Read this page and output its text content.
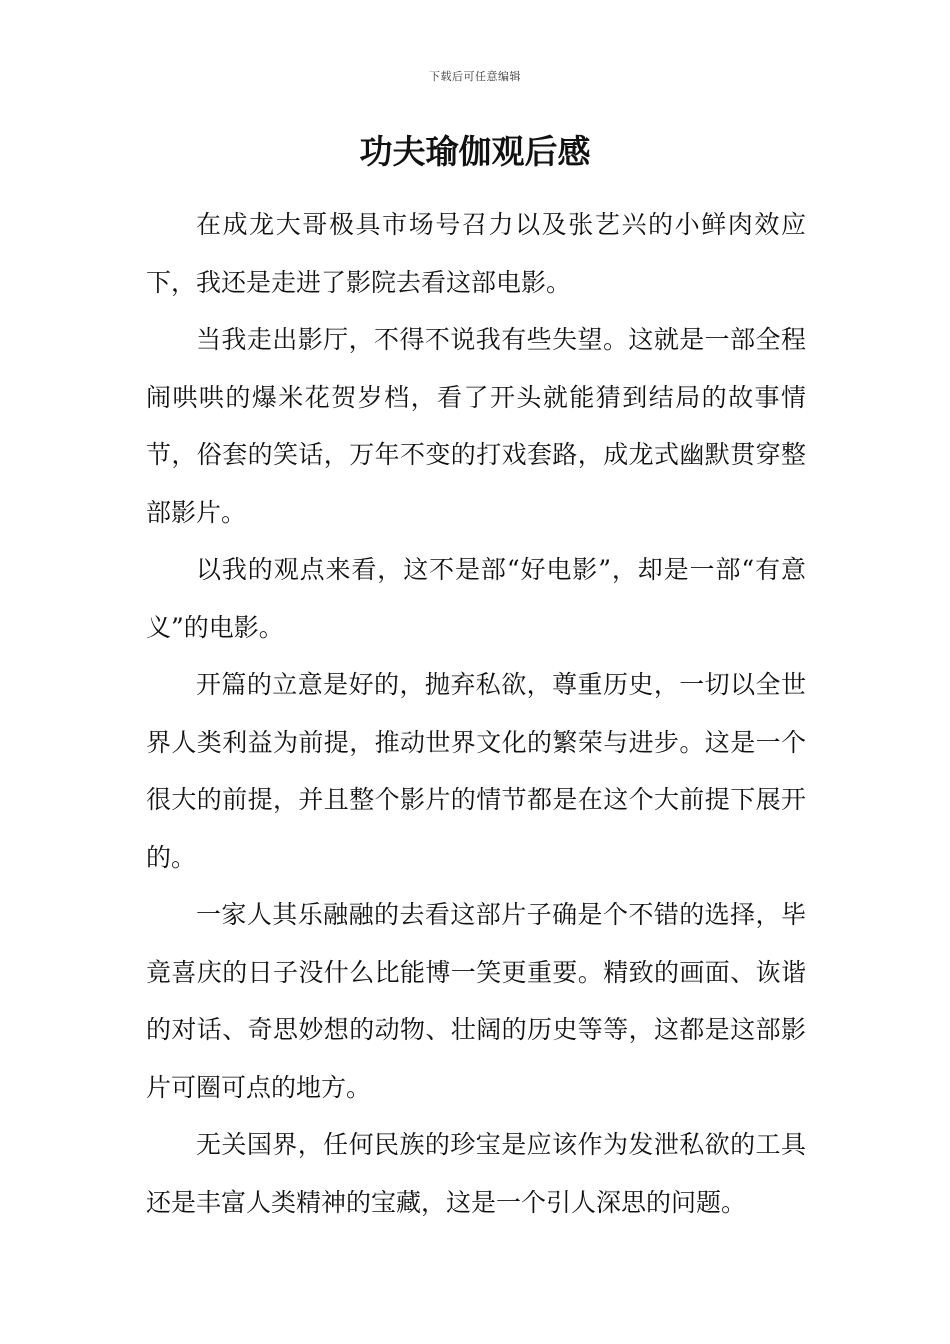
下载后可任意编辑
功夫瑜伽观后感

在成龙大哥极具市场号召力以及张艺兴的小鲜肉效应下，我还是走进了影院去看这部电影。

当我走出影厅，不得不说我有些失望。这就是一部全程闹哄哄的爆米花贺岁档，看了开头就能猜到结局的故事情节，俗套的笑话，万年不变的打戏套路，成龙式幽默贯穿整部影片。

以我的观点来看，这不是部“好电影”，却是一部“有意义”的电影。

开篇的立意是好的，抛弃私欲，尊重历史，一切以全世界人类利益为前提，推动世界文化的繁荣与进步。这是一个很大的前提，并且整个影片的情节都是在这个大前提下展开的。

一家人其乐融融的去看这部片子确是个不错的选择，毕竟喜庆的日子没什么比能博一笑更重要。精致的画面、诙谐的对话、奇思妙想的动物、壮阔的历史等等，这都是这部影片可圈可点的地方。

无关国界，任何民族的珍宝是应该作为发泄私欲的工具还是丰富人类精神的宝藏，这是一个引人深思的问题。
